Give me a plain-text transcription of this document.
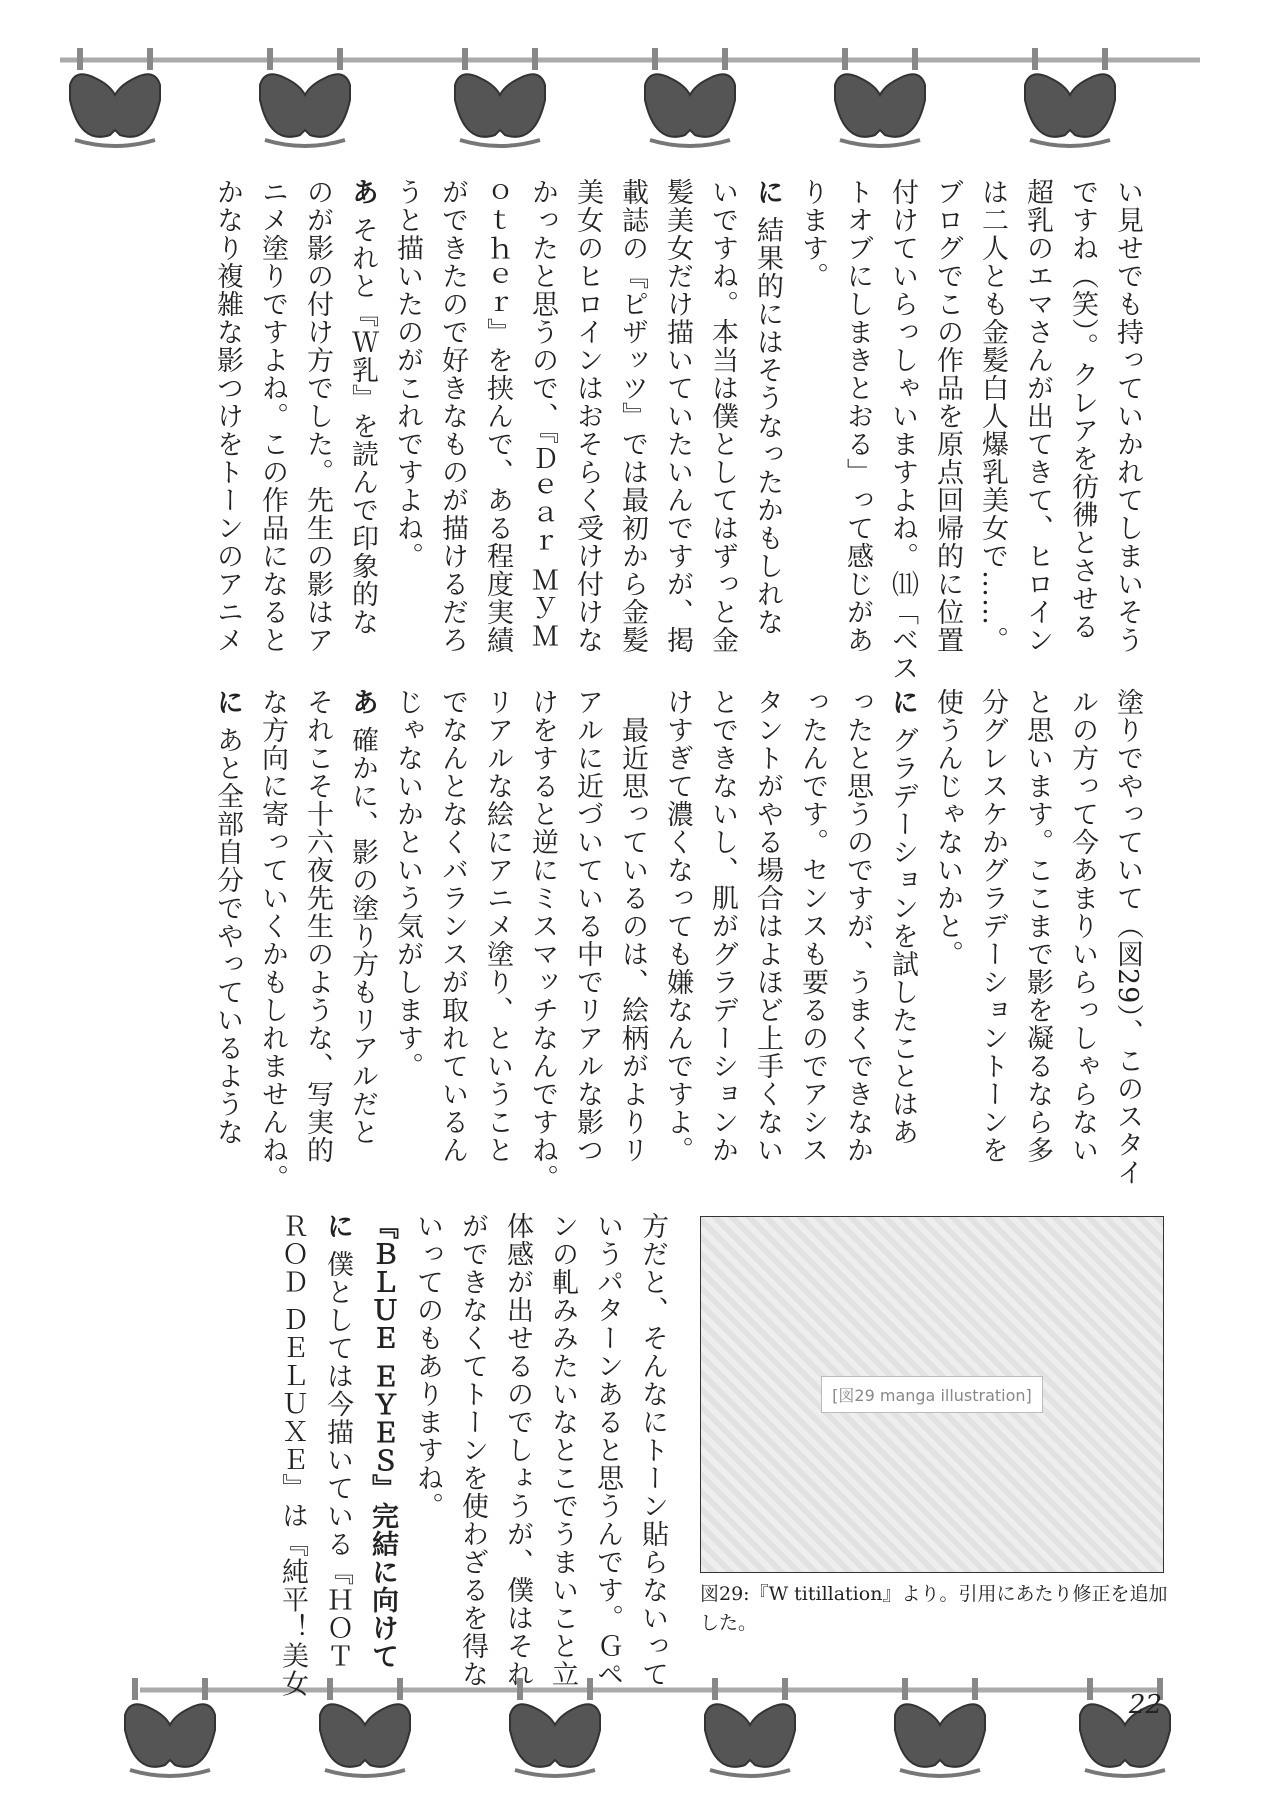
い見せでも持っていかれてしまいそう
ですね（笑）。クレアを彷彿とさせる
超乳のエマさんが出てきて、ヒロイン
は二人とも金髪白人爆乳美女で……。
ブログでこの作品を原点回帰的に位置
付けていらっしゃいますよね。⑾「ベス
トオブにしまきとおる」って感じがあ
ります。
に結果的にはそうなったかもしれな
いですね。本当は僕としてはずっと金
髪美女だけ描いていたいんですが、掲
載誌の『ピザッツ』では最初から金髪
美女のヒロインはおそらく受け付けな
かったと思うので、『Ｄｅａｒ ＭｙＭ
ｏｔｈｅｒ』を挟んで、ある程度実績
ができたので好きなものが描けるだろ
うと描いたのがこれですよね。
あそれと『Ｗ乳』を読んで印象的な
のが影の付け方でした。先生の影はア
ニメ塗りですよね。この作品になると
かなり複雑な影つけをトーンのアニメ
塗りでやっていて（図29）、このスタイ
ルの方って今あまりいらっしゃらない
と思います。ここまで影を凝るなら多
分グレスケかグラデーショントーンを
使うんじゃないかと。
にグラデーションを試したことはあ
ったと思うのですが、うまくできなか
ったんです。センスも要るのでアシス
タントがやる場合はよほど上手くない
とできないし、肌がグラデーションか
けすぎて濃くなっても嫌なんですよ。
　最近思っているのは、絵柄がよりリ
アルに近づいている中でリアルな影つ
けをすると逆にミスマッチなんですね。
リアルな絵にアニメ塗り、ということ
でなんとなくバランスが取れているん
じゃないかという気がします。
あ確かに、影の塗り方もリアルだと
それこそ十六夜先生のような、写実的
な方向に寄っていくかもしれませんね。
にあと全部自分でやっているような
方だと、そんなにトーン貼らないって
いうパターンあると思うんです。Ｇペ
ンの軋みみたいなとこでうまいこと立
体感が出せるのでしょうが、僕はそれ
ができなくてトーンを使わざるを得な
いってのもありますね。
『ＢＬＵＥ ＥＹＥＳ』完結に向けて
に僕としては今描いている『ＨＯＴ
ＲＯＤ ＤＥＬＵＸＥ』は『純平！美女	[図29 manga illustration]
図29:『W titillation』より。引用にあたり修正を追加した。
22
